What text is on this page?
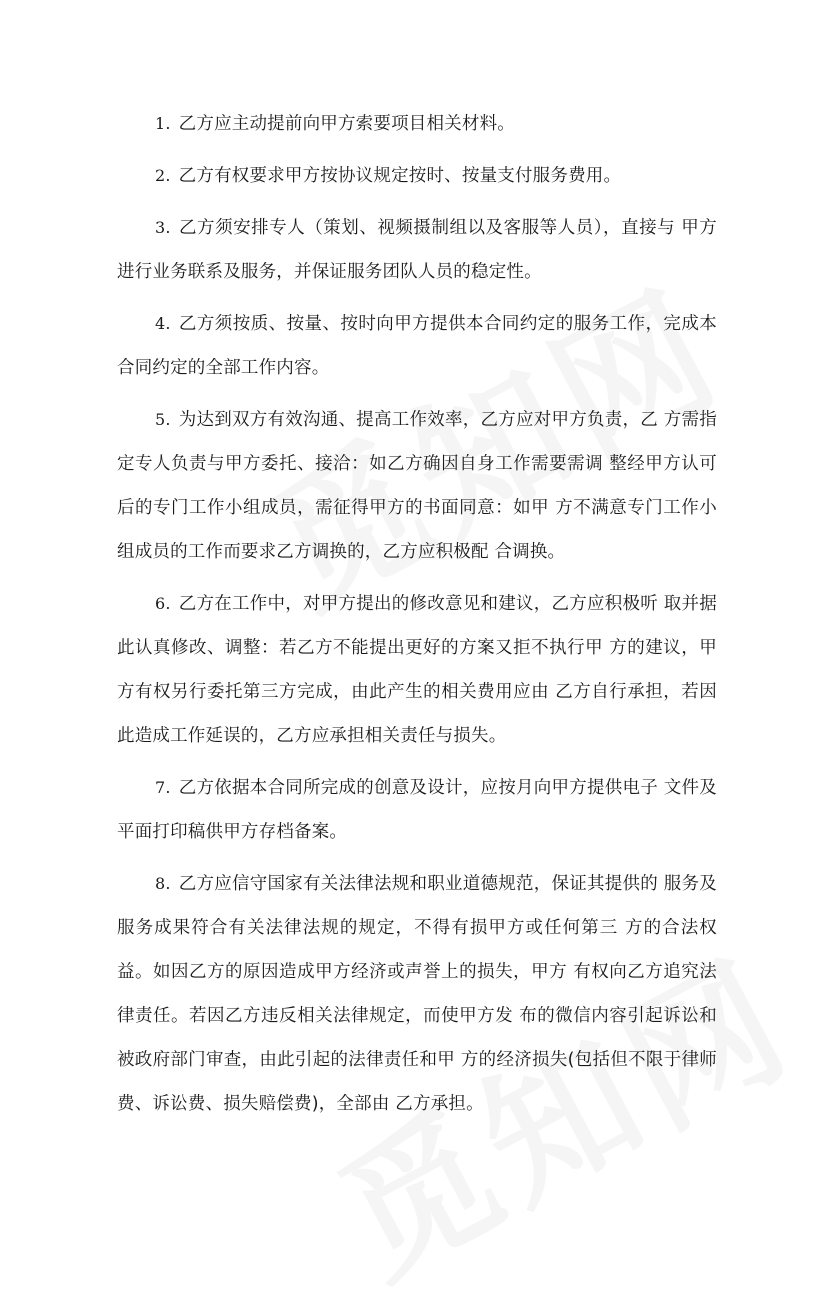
1. 乙方应主动提前向甲方索要项目相关材料。

2. 乙方有权要求甲方按协议规定按时、按量支付服务费用。

3. 乙方须安排专人（策划、视频摄制组以及客服等人员），直接与 甲方进行业务联系及服务，并保证服务团队人员的稳定性。

4. 乙方须按质、按量、按时向甲方提供本合同约定的服务工作，完成本合同约定的全部工作内容。

5. 为达到双方有效沟通、提高工作效率，乙方应对甲方负责，乙 方需指定专人负责与甲方委托、接洽：如乙方确因自身工作需要需调 整经甲方认可后的专门工作小组成员，需征得甲方的书面同意：如甲 方不满意专门工作小组成员的工作而要求乙方调换的，乙方应积极配 合调换。

6. 乙方在工作中，对甲方提出的修改意见和建议，乙方应积极听 取并据此认真修改、调整：若乙方不能提出更好的方案又拒不执行甲 方的建议，甲方有权另行委托第三方完成，由此产生的相关费用应由 乙方自行承担，若因此造成工作延误的，乙方应承担相关责任与损失。

7. 乙方依据本合同所完成的创意及设计，应按月向甲方提供电子 文件及平面打印稿供甲方存档备案。

8. 乙方应信守国家有关法律法规和职业道德规范，保证其提供的 服务及服务成果符合有关法律法规的规定，不得有损甲方或任何第三 方的合法权益。如因乙方的原因造成甲方经济或声誉上的损失，甲方 有权向乙方追究法律责任。若因乙方违反相关法律规定，而使甲方发 布的微信内容引起诉讼和被政府部门审查，由此引起的法律责任和甲 方的经济损失(包括但不限于律师费、诉讼费、损失赔偿费)，全部由 乙方承担。
